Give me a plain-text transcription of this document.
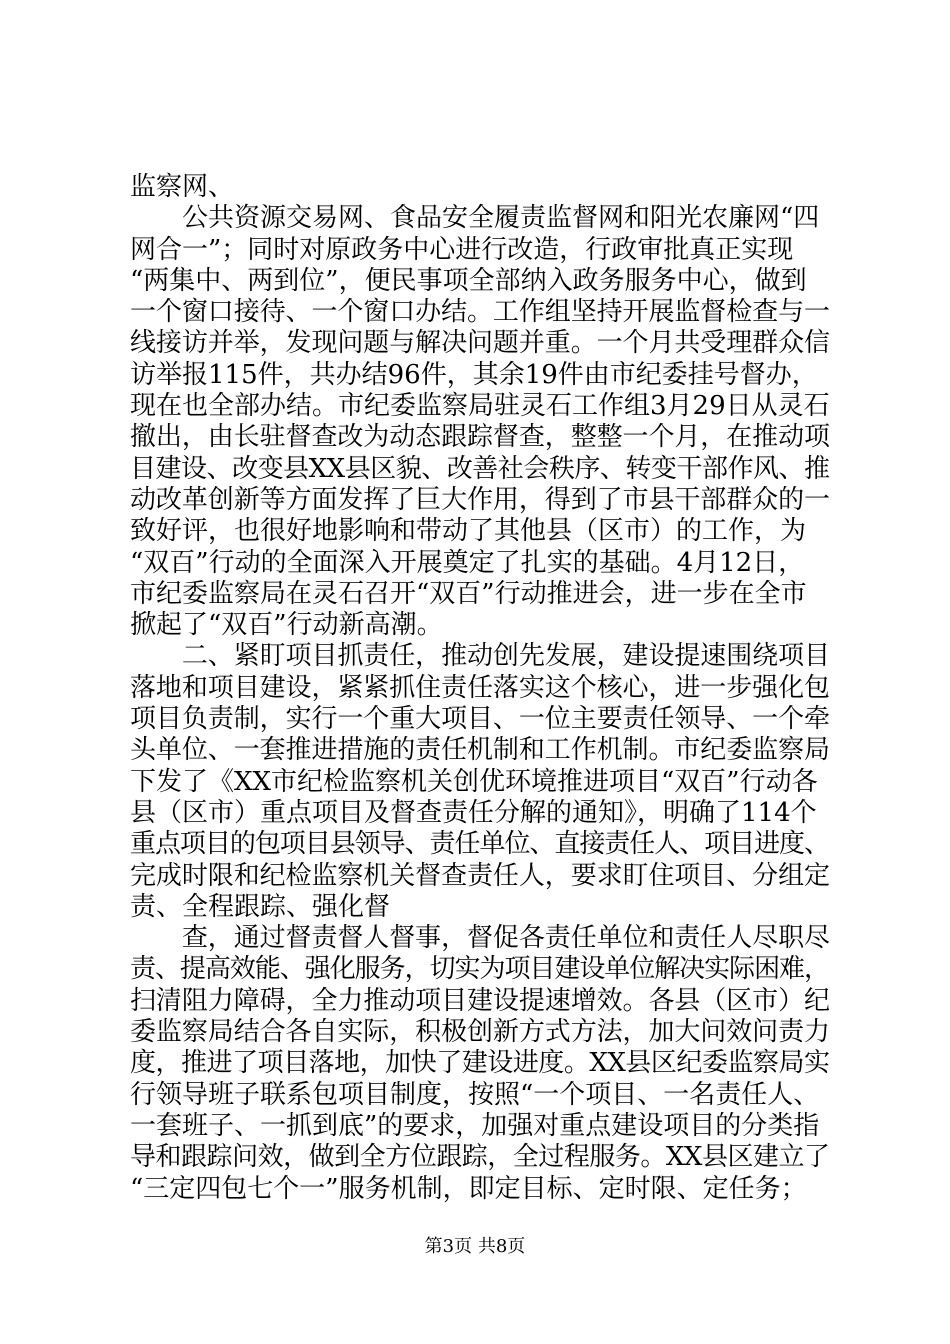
监察网、
　　公共资源交易网、食品安全履责监督网和阳光农廉网“四
网合一”；同时对原政务中心进行改造，行政审批真正实现
“两集中、两到位”，便民事项全部纳入政务服务中心，做到
一个窗口接待、一个窗口办结。工作组坚持开展监督检查与一
线接访并举，发现问题与解决问题并重。一个月共受理群众信
访举报115件，共办结96件，其余19件由市纪委挂号督办，
现在也全部办结。市纪委监察局驻灵石工作组3月29日从灵石
撤出，由长驻督查改为动态跟踪督查，整整一个月，在推动项
目建设、改变县XX县区貌、改善社会秩序、转变干部作风、推
动改革创新等方面发挥了巨大作用，得到了市县干部群众的一
致好评，也很好地影响和带动了其他县（区市）的工作，为
“双百”行动的全面深入开展奠定了扎实的基础。4月12日，
市纪委监察局在灵石召开“双百”行动推进会，进一步在全市
掀起了“双百”行动新高潮。
　　二、紧盯项目抓责任，推动创先发展，建设提速围绕项目
落地和项目建设，紧紧抓住责任落实这个核心，进一步强化包
项目负责制，实行一个重大项目、一位主要责任领导、一个牵
头单位、一套推进措施的责任机制和工作机制。市纪委监察局
下发了《XX市纪检监察机关创优环境推进项目“双百”行动各
县（区市）重点项目及督查责任分解的通知》，明确了114个
重点项目的包项目县领导、责任单位、直接责任人、项目进度、
完成时限和纪检监察机关督查责任人，要求盯住项目、分组定
责、全程跟踪、强化督
　　查，通过督责督人督事，督促各责任单位和责任人尽职尽
责、提高效能、强化服务，切实为项目建设单位解决实际困难，
扫清阻力障碍，全力推动项目建设提速增效。各县（区市）纪
委监察局结合各自实际，积极创新方式方法，加大问效问责力
度，推进了项目落地，加快了建设进度。XX县区纪委监察局实
行领导班子联系包项目制度，按照“一个项目、一名责任人、
一套班子、一抓到底”的要求，加强对重点建设项目的分类指
导和跟踪问效，做到全方位跟踪，全过程服务。XX县区建立了
“三定四包七个一”服务机制，即定目标、定时限、定任务；
第3页 共8页
